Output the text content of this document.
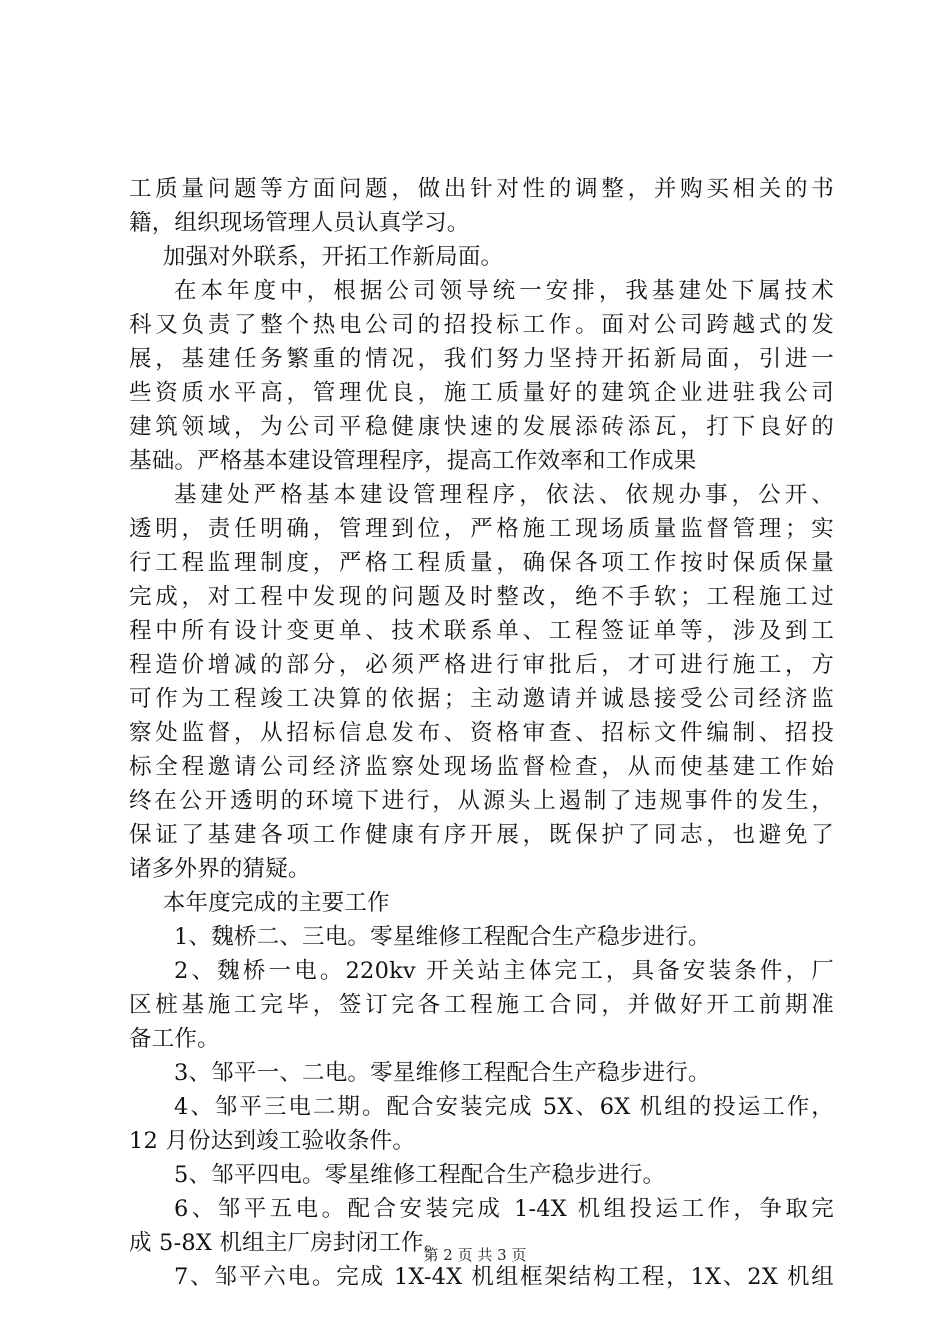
工质量问题等方面问题，做出针对性的调整，并购买相关的书
籍，组织现场管理人员认真学习。
加强对外联系，开拓工作新局面。
在本年度中，根据公司领导统一安排，我基建处下属技术
科又负责了整个热电公司的招投标工作。面对公司跨越式的发
展，基建任务繁重的情况，我们努力坚持开拓新局面，引进一
些资质水平高，管理优良，施工质量好的建筑企业进驻我公司
建筑领域，为公司平稳健康快速的发展添砖添瓦，打下良好的
基础。严格基本建设管理程序，提高工作效率和工作成果
基建处严格基本建设管理程序，依法、依规办事，公开、
透明，责任明确，管理到位，严格施工现场质量监督管理；实
行工程监理制度，严格工程质量，确保各项工作按时保质保量
完成，对工程中发现的问题及时整改，绝不手软；工程施工过
程中所有设计变更单、技术联系单、工程签证单等，涉及到工
程造价增减的部分，必须严格进行审批后，才可进行施工，方
可作为工程竣工决算的依据；主动邀请并诚恳接受公司经济监
察处监督，从招标信息发布、资格审查、招标文件编制、招投
标全程邀请公司经济监察处现场监督检查，从而使基建工作始
终在公开透明的环境下进行，从源头上遏制了违规事件的发生，
保证了基建各项工作健康有序开展，既保护了同志，也避免了
诸多外界的猜疑。
本年度完成的主要工作
1、魏桥二、三电。零星维修工程配合生产稳步进行。
2、魏桥一电。220kv 开关站主体完工，具备安装条件，厂
区桩基施工完毕，签订完各工程施工合同，并做好开工前期准
备工作。
3、邹平一、二电。零星维修工程配合生产稳步进行。
4、邹平三电二期。配合安装完成 5X、6X 机组的投运工作，
12 月份达到竣工验收条件。
5、邹平四电。零星维修工程配合生产稳步进行。
6、邹平五电。配合安装完成 1-4X 机组投运工作，争取完
成 5-8X 机组主厂房封闭工作。
7、邹平六电。完成 1X-4X 机组框架结构工程，1X、2X 机组
第 2 页 共 3 页
